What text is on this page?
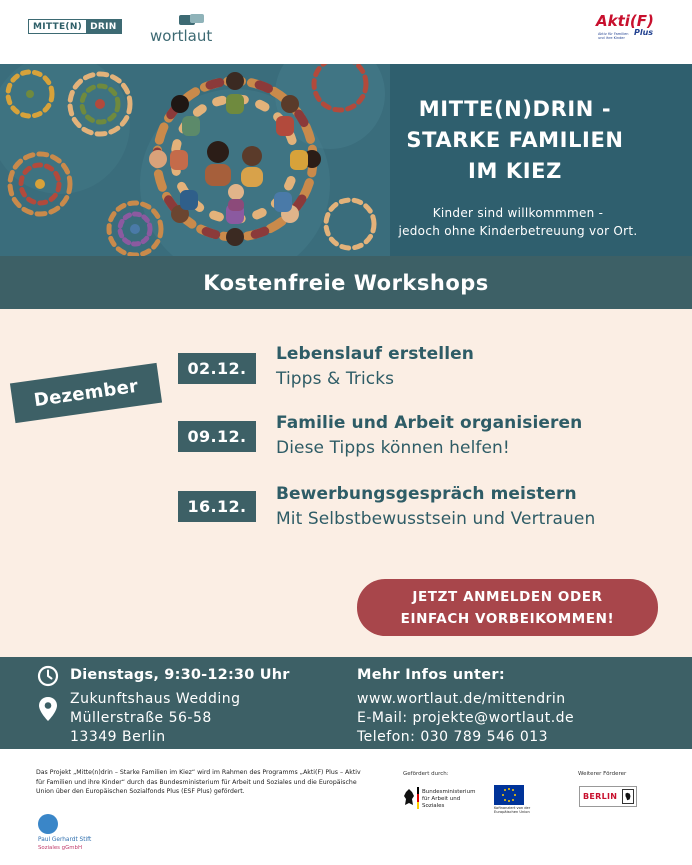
MITTE(N) DRIN
wortlaut
Akti(F)
Plus
Aktiv für Familien und ihre Kinder
MITTE(N)DRIN -
STARKE FAMILIEN
IM KIEZ
Kinder sind willkommmen -
jedoch ohne Kinderbetreuung vor Ort.
Kostenfreie Workshops
Dezember
02.12.
Lebenslauf erstellen
Tipps & Tricks
09.12.
Familie und Arbeit organisieren
Diese Tipps können helfen!
16.12.
Bewerbungsgespräch meistern
Mit Selbstbewusstsein und Vertrauen
JETZT ANMELDEN ODER
EINFACH VORBEIKOMMEN!
Dienstags, 9:30-12:30 Uhr
Zukunftshaus Wedding
Müllerstraße 56-58
13349 Berlin
Mehr Infos unter:
www.wortlaut.de/mittendrin
E-Mail: projekte@wortlaut.de
Telefon: 030 789 546 013
Das Projekt „Mitte(n)drin – Starke Familien im Kiez“ wird im Rahmen des Programms „Akti(F) Plus – Aktiv für Familien und ihre Kinder“ durch das Bundesministerium für Arbeit und Soziales und die Europäische Union über den Europäischen Sozialfonds Plus (ESF Plus) gefördert.
Gefördert durch:	Weiterer Förderer
Bundesministerium
für Arbeit und Soziales	Kofinanziert von der Europäischen Union
BERLIN
Paul Gerhardt Stift
Soziales gGmbH
